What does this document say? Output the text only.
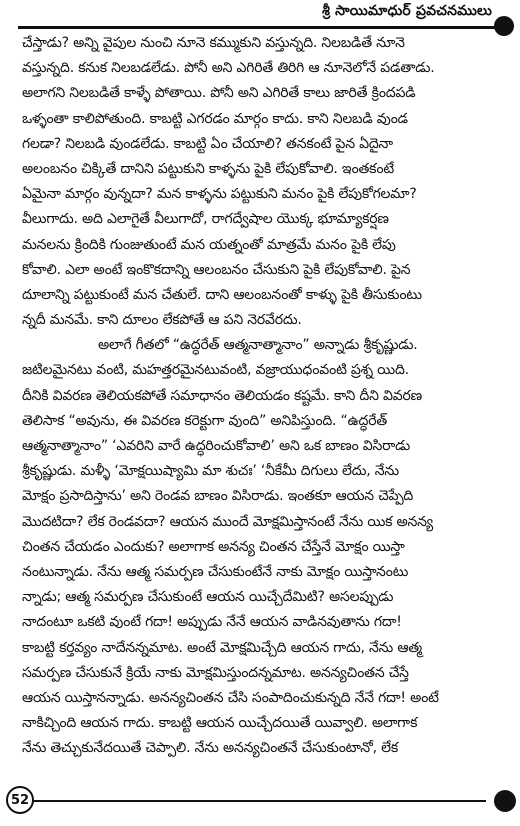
శ్రీ సాయిమాధుర్ ప్రవచనములు
చేస్తాడు? అన్ని వైపుల నుంచి నూనె కమ్ముకుని వస్తున్నది. నిలబడితే నూనె
వస్తున్నది. కనుక నిలబడలేడు. పోనీ అని ఎగిరితే తిరిగి ఆ నూనెలోనే పడతాడు.
అలాగని నిలబడితే కాళ్ళే పోతాయి. పోనీ అని ఎగిరితే కాలు జారితే క్రిందపడి
ఒళ్ళంతా కాలిపోతుంది. కాబట్టి ఎగరడం మార్గం కాదు. కాని నిలబడి వుండ
గలడా? నిలబడి వుండలేడు. కాబట్టి ఏం చేయాలి? తనకంటే పైన ఏదైనా
అలంబనం చిక్కితే దానిని పట్టుకుని కాళ్ళను పైకి లేపుకోవాలి. ఇంతకంటే
ఏమైనా మార్గం వున్నదా? మన కాళ్ళను పట్టుకుని మనం పైకి లేపుకోగలమా?
వీలుగాదు. అది ఎలాగైతే వీలుగాదో, రాగద్వేషాల యొక్క భూమ్యాకర్షణ
మనలను క్రిందికి గుంజుతుంటే మన యత్నంతో మాత్రమే మనం పైకి లేపు
కోవాలి. ఎలా అంటే ఇంకొకదాన్ని ఆలంబనం చేసుకుని పైకి లేపుకోవాలి. పైన
దూలాన్ని పట్టుకుంటే మన చేతులే. దాని ఆలంబనంతో కాళ్ళు పైకి తీసుకుంటు
న్నదీ మనమే. కాని దూలం లేకపోతే ఆ పని నెరవేరదు.
అలాగే గీతలో “ఉద్ధరేత్ ఆత్మనాత్మానాం” అన్నాడు శ్రీకృష్ణుడు.
జటిలమైనటు వంటి, మహత్తరమైనటువంటి, వజ్రాయుధంవంటి ప్రశ్న యిది.
దీనికి వివరణ తెలియకపోతే సమాధానం తెలియడం కష్టమే. కాని దీని వివరణ
తెలిసాక “అవును, ఈ వివరణ కరెక్టుగా వుంది” అనిపిస్తుంది. “ఉద్ధరేత్
ఆత్మనాత్మానాం” ‘ఎవరిని వారే ఉద్ధరించుకోవాలి’ అని ఒక బాణం విసిరాడు
శ్రీకృష్ణుడు. మళ్ళీ ‘మోక్షయిష్యామి మా శుచః’ ‘నీకేమీ దిగులు లేదు, నేను
మోక్షం ప్రసాదిస్తాను’ అని రెండవ బాణం విసిరాడు. ఇంతకూ ఆయన చెప్పేది
మొదటిదా? లేక రెండవదా? ఆయన ముందే మోక్షమిస్తానంటే నేను యిక అనన్య
చింతన చేయడం ఎందుకు? అలాగాక అనన్య చింతన చేస్తేనే మోక్షం యిస్తా
నంటున్నాడు. నేను ఆత్మ సమర్పణ చేసుకుంటేనే నాకు మోక్షం యిస్తానంటు
న్నాడు; ఆత్మ సమర్పణ చేసుకుంటే ఆయన యిచ్చేదేమిటి? అసలప్పుడు
నాదంటూ ఒకటి వుంటే గదా! అప్పుడు నేనే ఆయన వాడినవుతాను గదా!
కాబట్టి కర్తవ్యం నాదేనన్నమాట. అంటే మోక్షమిచ్చేది ఆయన గాదు, నేను ఆత్మ
సమర్పణ చేసుకునే క్రియే నాకు మోక్షమిస్తుందన్నమాట. అనన్యచింతన చేస్తే
ఆయన యిస్తానన్నాడు. అనన్యచింతన చేసి సంపాదించుకున్నది నేనే గదా! అంటే
నాకిచ్చింది ఆయన గాదు. కాబట్టి ఆయన యిచ్చేదయితే యివ్వాలి. అలాగాక
నేను తెచ్చుకునేదయితే చెప్పాలి. నేను అనన్యచింతనే చేసుకుంటానో, లేక
52
